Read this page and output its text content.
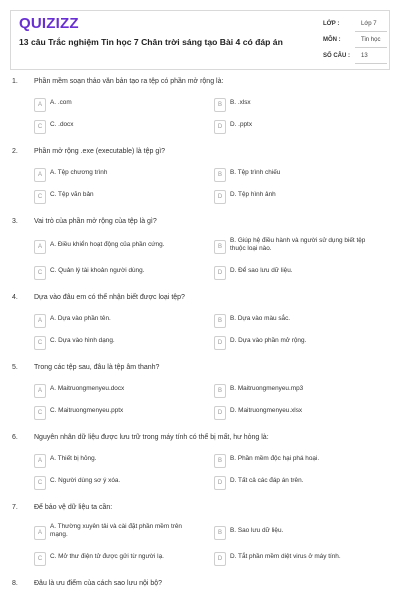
QUIZIZZ
13 câu Trắc nghiệm Tin học 7 Chân trời sáng tạo Bài 4 có đáp án
LỚP :	Lớp 7
MÔN :	Tin học
SỐ CÂU : 13
1. Phần mềm soạn thảo văn bản tạo ra tệp có phần mở rộng là:
A	A. .com	B	B. .xlsx
C	C. .docx	D	D. .pptx
2. Phần mở rộng .exe (executable) là tệp gì?
A	A. Tệp chương trình	B	B. Tệp trình chiếu
C	C. Tệp văn bản	D	D. Tệp hình ảnh
3. Vai trò của phần mở rộng của tệp là gì?
A	A. Điều khiển hoạt động của phần cứng.	B
B. Giúp hệ điều hành và người sử dụng biết tệp thuộc loại nào.
C	C. Quản lý tài khoản người dùng.	D	D. Để sao lưu dữ liệu.
4. Dựa vào đâu em có thể nhận biết được loại tệp?
A	A. Dựa vào phần tên.	B	B. Dựa vào màu sắc.
C	C. Dựa vào hình dạng.	D	D. Dựa vào phần mở rộng.
5. Trong các tệp sau, đâu là tệp âm thanh?
A	A. Maitruongmenyeu.docx	B	B. Maitruongmenyeu.mp3
C	C. Maitruongmenyeu.pptx	D	D. Maitruongmenyeu.xlsx
6. Nguyên nhân dữ liệu được lưu trữ trong máy tính có thể bị mất, hư hỏng là:
A	A. Thiết bị hỏng.	B	B. Phần mềm độc hại phá hoại.
C	C. Người dùng sơ ý xóa.	D	D. Tất cả các đáp án trên.
7. Để bảo vệ dữ liệu ta cần:
A
A. Thường xuyên tải và cài đặt phần mềm trên mạng.	B	B. Sao lưu dữ liệu.
C	C. Mở thư điện tử được gửi từ người lạ.	D	D. Tắt phần mềm diệt virus ở máy tính.
8. Đâu là ưu điểm của cách sao lưu nội bộ?
